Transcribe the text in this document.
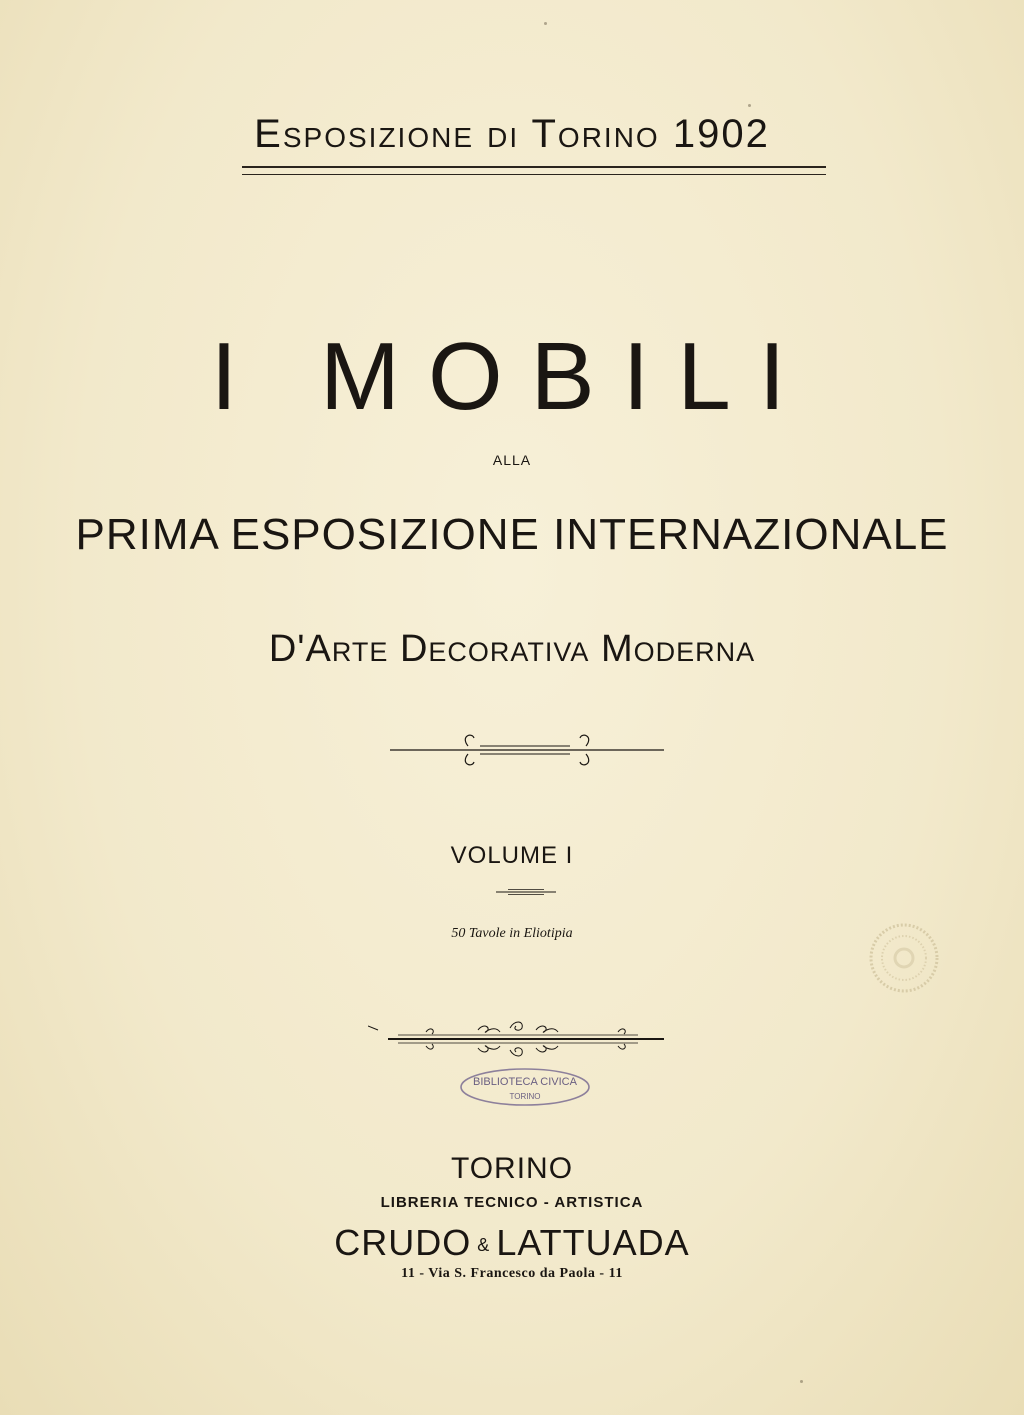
Esposizione di Torino 1902
I MOBILI
ALLA
PRIMA ESPOSIZIONE INTERNAZIONALE
D'Arte Decorativa Moderna
VOLUME I
50 Tavole in Eliotipia
BIBLIOTECA CIVICA
TORINO
TORINO
LIBRERIA TECNICO - ARTISTICA
CRUDO & LATTUADA
11 - Via S. Francesco da Paola - 11
